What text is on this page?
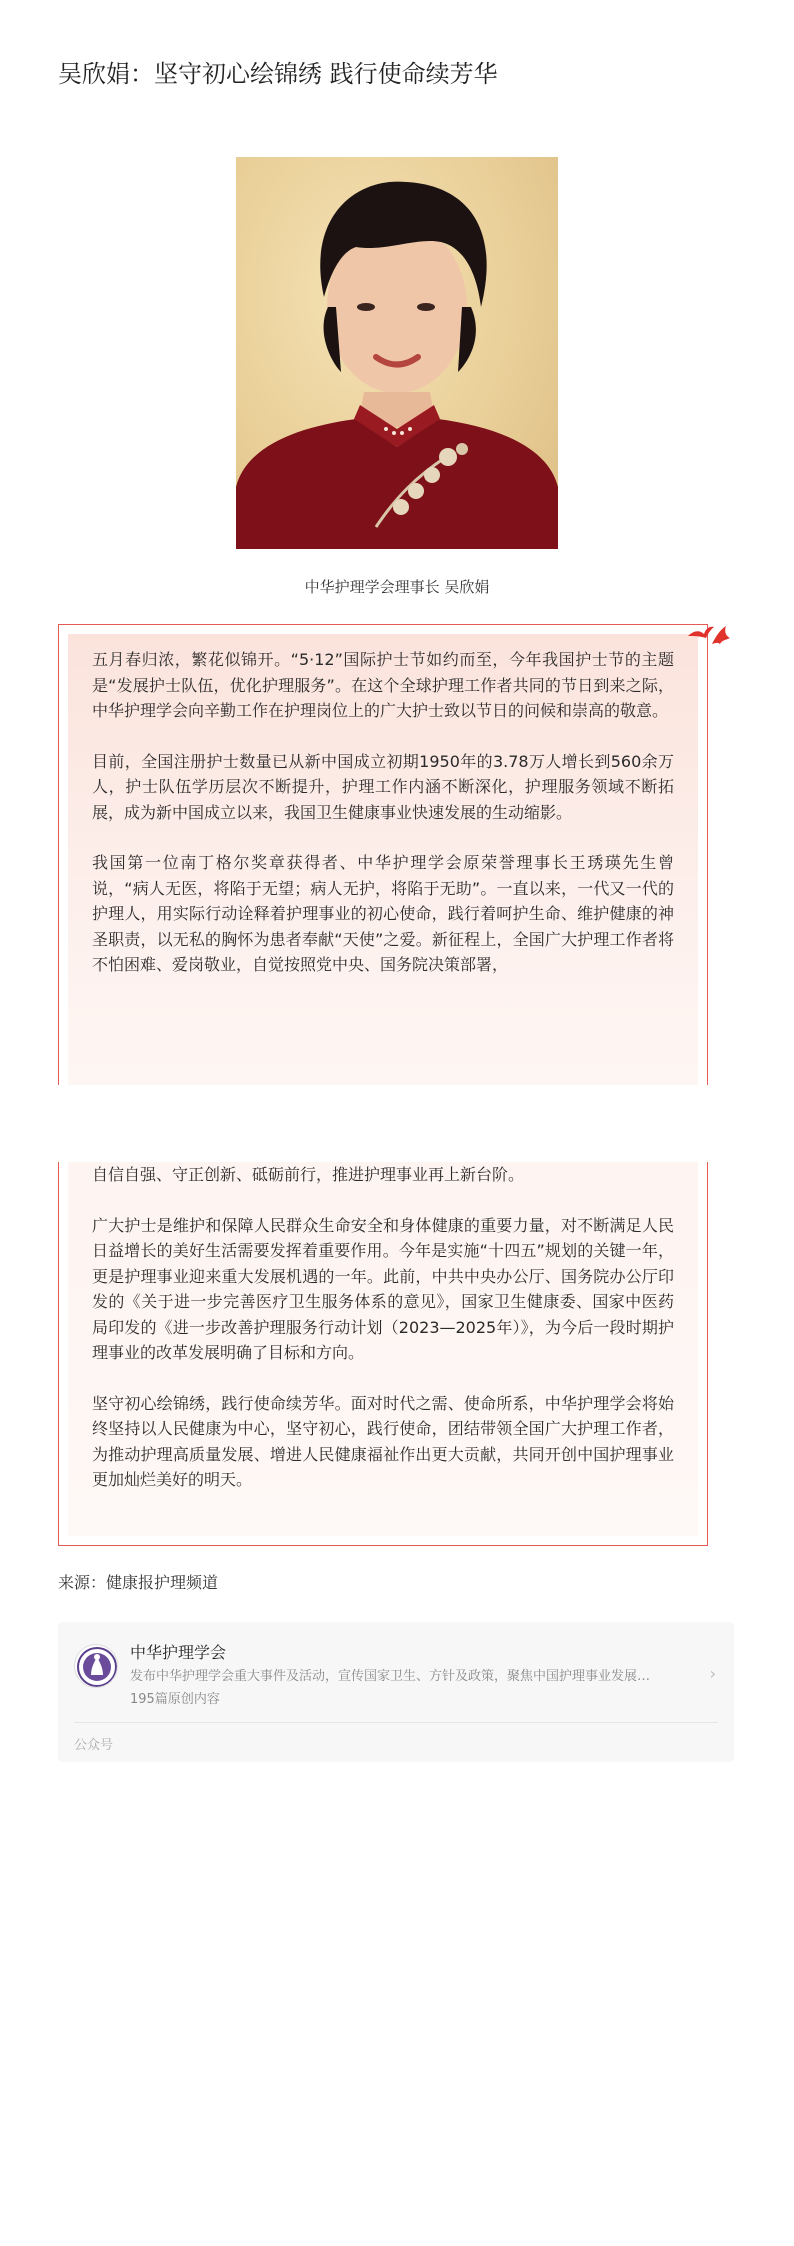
吴欣娟：坚守初心绘锦绣 践行使命续芳华
中华护理学会理事长 吴欣娟

五月春归浓，繁花似锦开。“5·12”国际护士节如约而至，今年我国护士节的主题是“发展护士队伍，优化护理服务”。在这个全球护理工作者共同的节日到来之际，中华护理学会向辛勤工作在护理岗位上的广大护士致以节日的问候和崇高的敬意。

目前，全国注册护士数量已从新中国成立初期1950年的3.78万人增长到560余万人，护士队伍学历层次不断提升，护理工作内涵不断深化，护理服务领域不断拓展，成为新中国成立以来，我国卫生健康事业快速发展的生动缩影。

我国第一位南丁格尔奖章获得者、中华护理学会原荣誉理事长王琇瑛先生曾说，“病人无医，将陷于无望；病人无护，将陷于无助”。一直以来，一代又一代的护理人，用实际行动诠释着护理事业的初心使命，践行着呵护生命、维护健康的神圣职责，以无私的胸怀为患者奉献“天使”之爱。新征程上，全国广大护理工作者将不怕困难、爱岗敬业，自觉按照党中央、国务院决策部署，

自信自强、守正创新、砥砺前行，推进护理事业再上新台阶。

广大护士是维护和保障人民群众生命安全和身体健康的重要力量，对不断满足人民日益增长的美好生活需要发挥着重要作用。今年是实施“十四五”规划的关键一年，更是护理事业迎来重大发展机遇的一年。此前，中共中央办公厅、国务院办公厅印发的《关于进一步完善医疗卫生服务体系的意见》，国家卫生健康委、国家中医药局印发的《进一步改善护理服务行动计划（2023—2025年）》，为今后一段时期护理事业的改革发展明确了目标和方向。

坚守初心绘锦绣，践行使命续芳华。面对时代之需、使命所系，中华护理学会将始终坚持以人民健康为中心，坚守初心，践行使命，团结带领全国广大护理工作者，为推动护理高质量发展、增进人民健康福祉作出更大贡献，共同开创中国护理事业更加灿烂美好的明天。

来源：健康报护理频道
中华护理学会
发布中华护理学会重大事件及活动，宣传国家卫生、方针及政策，聚焦中国护理事业发展…
195篇原创内容
›
公众号
